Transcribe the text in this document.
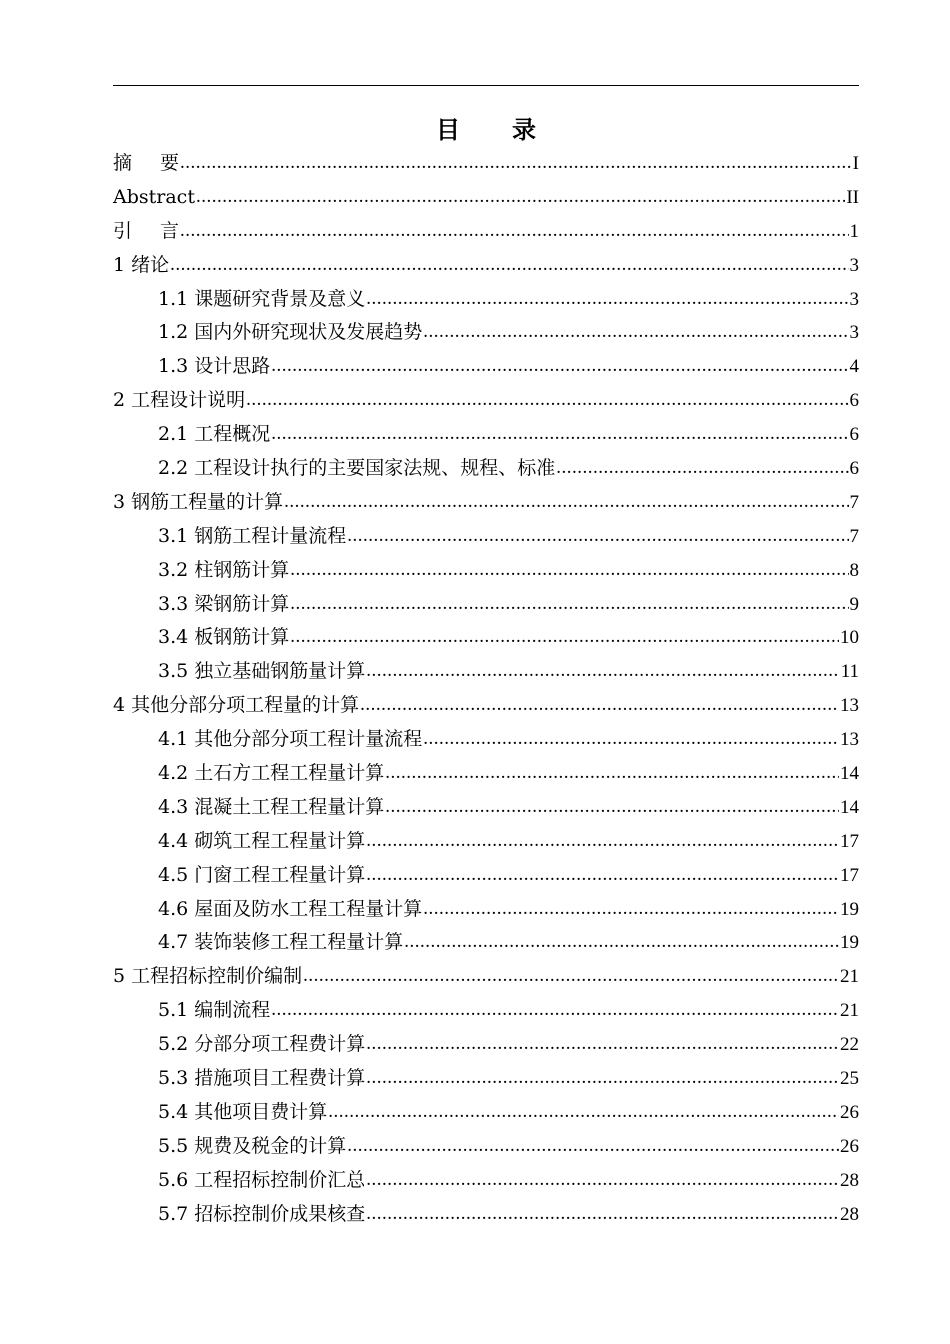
目 录
摘 要 .....	I
Abstract .....	II
引 言 .....	1
1 绪论 .....	3
1.1 课题研究背景及意义 .....	3
1.2 国内外研究现状及发展趋势 .....	3
1.3 设计思路 .....	4
2 工程设计说明 .....	6
2.1 工程概况 .....	6
2.2 工程设计执行的主要国家法规、规程、标准 .....	6
3 钢筋工程量的计算 .....	7
3.1 钢筋工程计量流程 .....	7
3.2 柱钢筋计算 .....	8
3.3 梁钢筋计算 .....	9
3.4 板钢筋计算 .....	10
3.5 独立基础钢筋量计算 .....	11
4 其他分部分项工程量的计算 .....	13
4.1 其他分部分项工程计量流程 .....	13
4.2 土石方工程工程量计算 .....	14
4.3 混凝土工程工程量计算 .....	14
4.4 砌筑工程工程量计算 .....	17
4.5 门窗工程工程量计算 .....	17
4.6 屋面及防水工程工程量计算 .....	19
4.7 装饰装修工程工程量计算 .....	19
5 工程招标控制价编制 .....	21
5.1 编制流程 .....	21
5.2 分部分项工程费计算 .....	22
5.3 措施项目工程费计算 .....	25
5.4 其他项目费计算 .....	26
5.5 规费及税金的计算 .....	26
5.6 工程招标控制价汇总 .....	28
5.7 招标控制价成果核查 .....	28
